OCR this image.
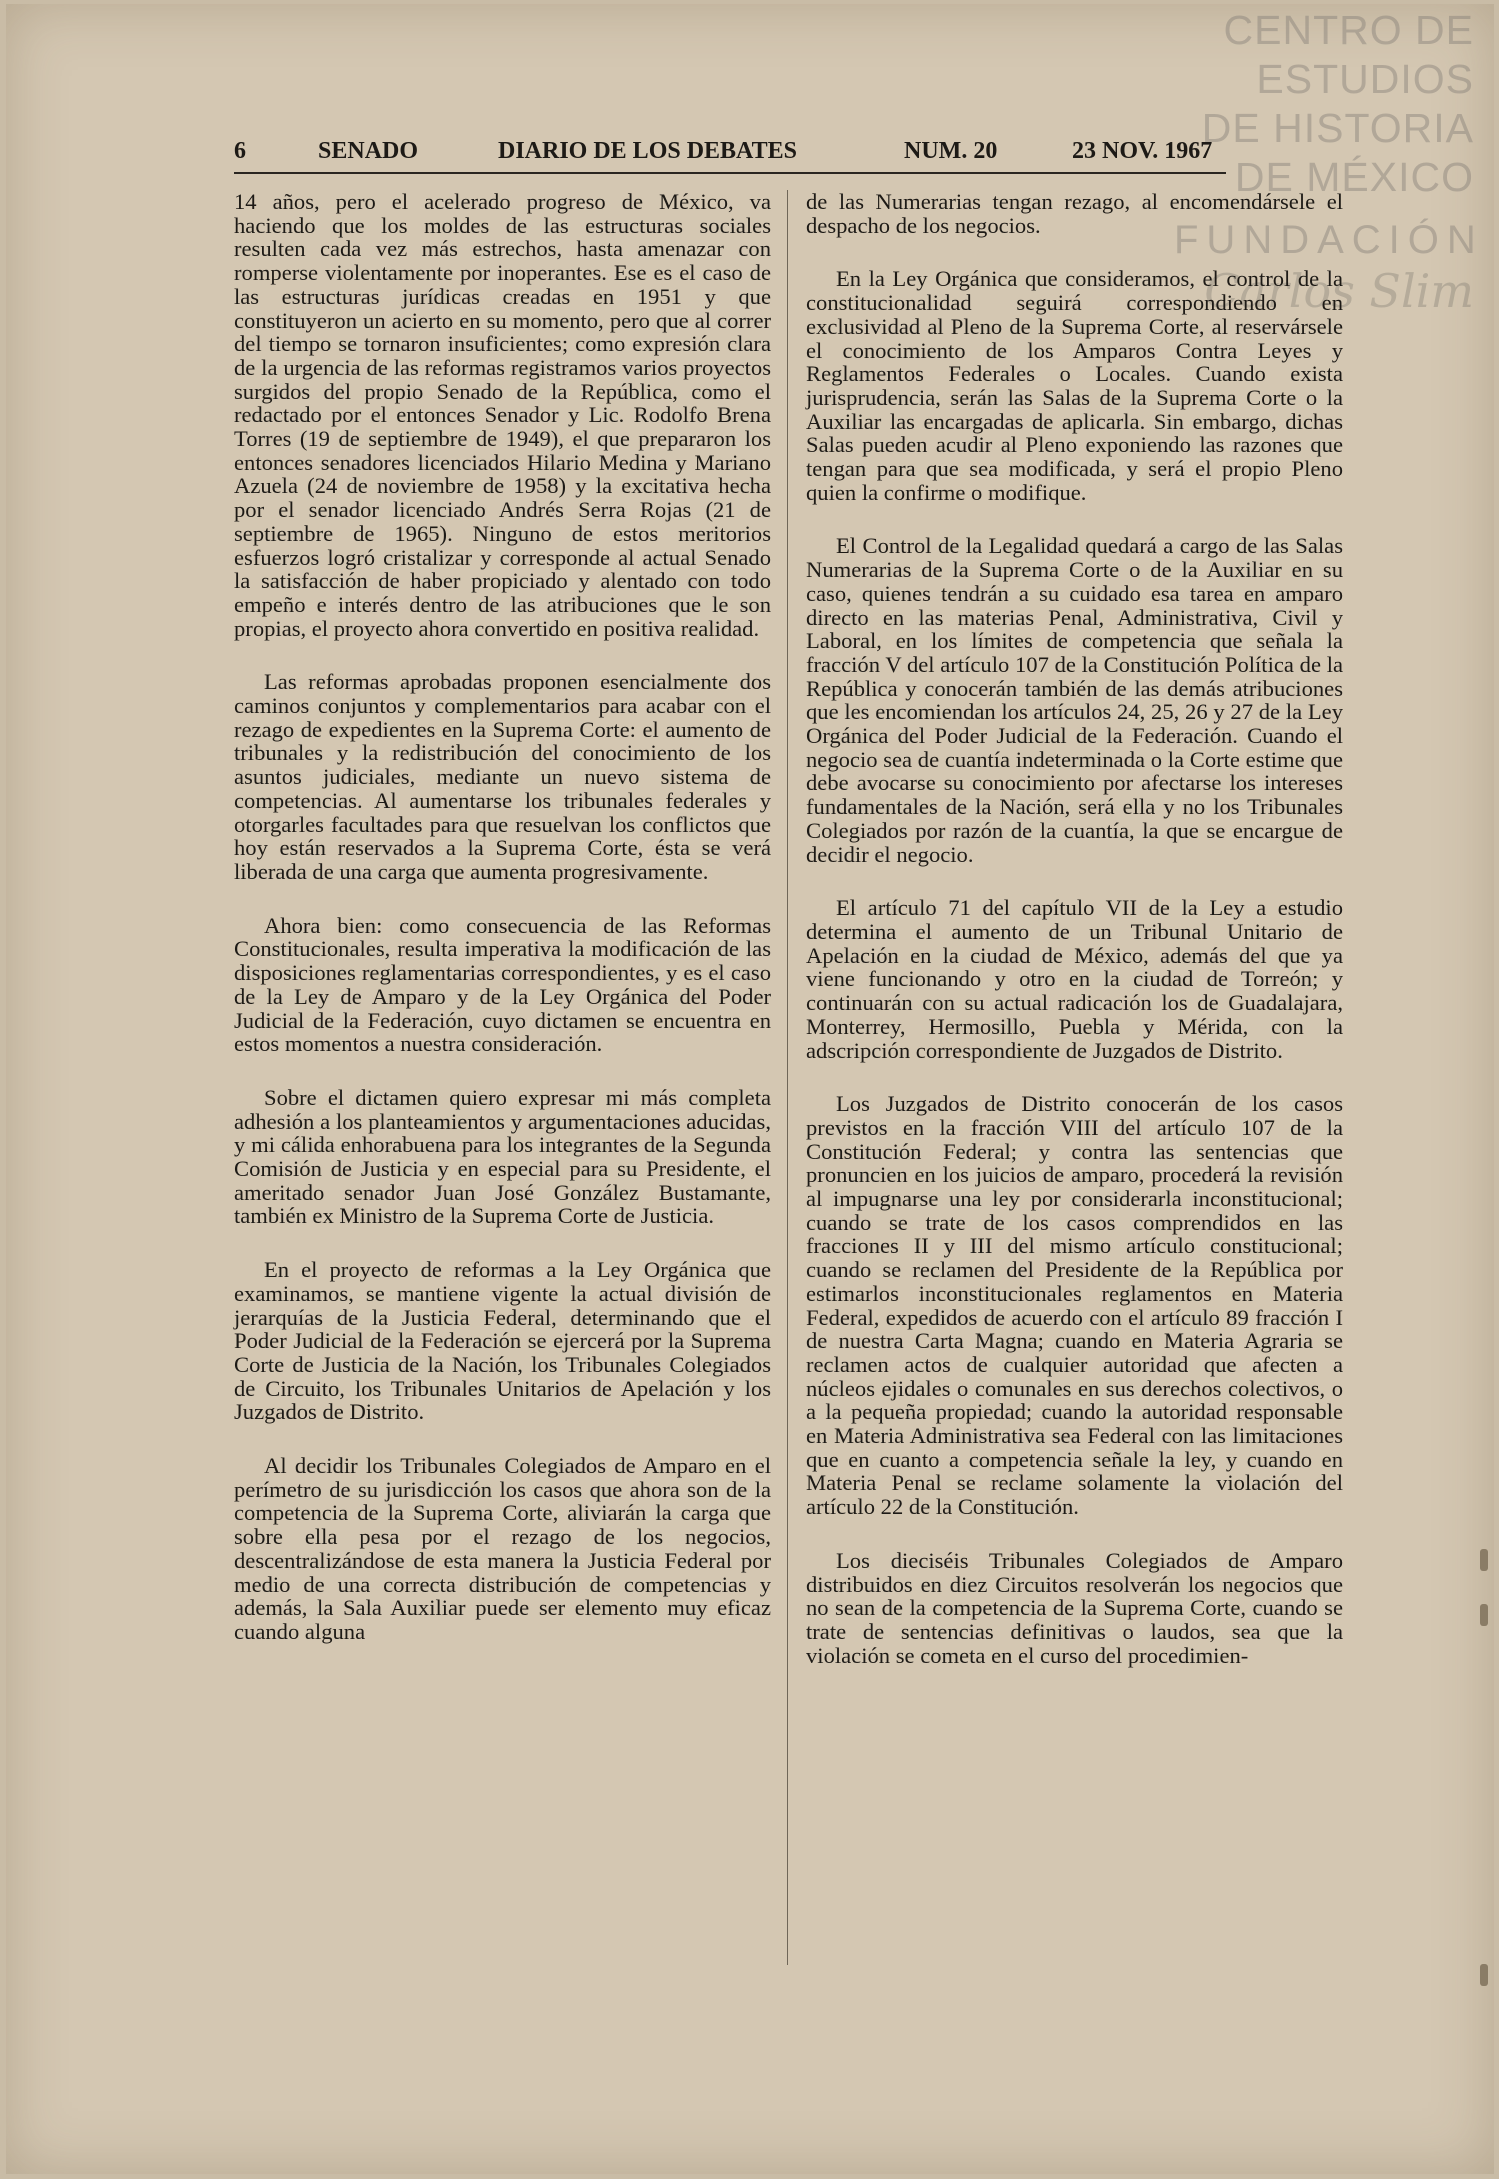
CENTRO DE
ESTUDIOS
DE HISTORIA
DE MÉXICO
FUNDACIÓN
Carlos Slim
6	SENADO	DIARIO DE LOS DEBATES	NUM. 20	23 NOV. 1967

14 años, pero el acelerado progreso de México, va haciendo que los moldes de las estructuras sociales resulten cada vez más estrechos, hasta amenazar con romperse violentamente por inoperantes. Ese es el caso de las estructuras jurídicas creadas en 1951 y que constituyeron un acierto en su momento, pero que al correr del tiempo se tornaron insuficientes; como expresión clara de la urgencia de las reformas registramos varios proyectos surgidos del propio Senado de la República, como el redactado por el entonces Senador y Lic. Rodolfo Brena Torres (19 de septiembre de 1949), el que prepararon los entonces senadores licenciados Hilario Medina y Mariano Azuela (24 de noviembre de 1958) y la excitativa hecha por el senador licenciado Andrés Serra Rojas (21 de septiembre de 1965). Ninguno de estos meritorios esfuerzos logró cristalizar y corresponde al actual Senado la satisfacción de haber propiciado y alentado con todo empeño e interés dentro de las atribuciones que le son propias, el proyecto ahora convertido en positiva realidad.

Las reformas aprobadas proponen esencialmente dos caminos conjuntos y complementarios para acabar con el rezago de expedientes en la Suprema Corte: el aumento de tribunales y la redistribución del conocimiento de los asuntos judiciales, mediante un nuevo sistema de competencias. Al aumentarse los tribunales federales y otorgarles facultades para que resuelvan los conflictos que hoy están reservados a la Suprema Corte, ésta se verá liberada de una carga que aumenta progresivamente.

Ahora bien: como consecuencia de las Reformas Constitucionales, resulta imperativa la modificación de las disposiciones reglamentarias correspondientes, y es el caso de la Ley de Amparo y de la Ley Orgánica del Poder Judicial de la Federación, cuyo dictamen se encuentra en estos momentos a nuestra consideración.

Sobre el dictamen quiero expresar mi más completa adhesión a los planteamientos y argumentaciones aducidas, y mi cálida enhorabuena para los integrantes de la Segunda Comisión de Justicia y en especial para su Presidente, el ameritado senador Juan José González Bustamante, también ex Ministro de la Suprema Corte de Justicia.

En el proyecto de reformas a la Ley Orgánica que examinamos, se mantiene vigente la actual división de jerarquías de la Justicia Federal, determinando que el Poder Judicial de la Federación se ejercerá por la Suprema Corte de Justicia de la Nación, los Tribunales Colegiados de Circuito, los Tribunales Unitarios de Apelación y los Juzgados de Distrito.

Al decidir los Tribunales Colegiados de Amparo en el perímetro de su jurisdicción los casos que ahora son de la competencia de la Suprema Corte, aliviarán la carga que sobre ella pesa por el rezago de los negocios, descentralizándose de esta manera la Justicia Federal por medio de una correcta distribución de competencias y además, la Sala Auxiliar puede ser elemento muy eficaz cuando alguna

de las Numerarias tengan rezago, al encomendársele el despacho de los negocios.

En la Ley Orgánica que consideramos, el control de la constitucionalidad seguirá correspondiendo en exclusividad al Pleno de la Suprema Corte, al reservársele el conocimiento de los Amparos Contra Leyes y Reglamentos Federales o Locales. Cuando exista jurisprudencia, serán las Salas de la Suprema Corte o la Auxiliar las encargadas de aplicarla. Sin embargo, dichas Salas pueden acudir al Pleno exponiendo las razones que tengan para que sea modificada, y será el propio Pleno quien la confirme o modifique.

El Control de la Legalidad quedará a cargo de las Salas Numerarias de la Suprema Corte o de la Auxiliar en su caso, quienes tendrán a su cuidado esa tarea en amparo directo en las materias Penal, Administrativa, Civil y Laboral, en los límites de competencia que señala la fracción V del artículo 107 de la Constitución Política de la República y conocerán también de las demás atribuciones que les encomiendan los artículos 24, 25, 26 y 27 de la Ley Orgánica del Poder Judicial de la Federación. Cuando el negocio sea de cuantía indeterminada o la Corte estime que debe avocarse su conocimiento por afectarse los intereses fundamentales de la Nación, será ella y no los Tribunales Colegiados por razón de la cuantía, la que se encargue de decidir el negocio.

El artículo 71 del capítulo VII de la Ley a estudio determina el aumento de un Tribunal Unitario de Apelación en la ciudad de México, además del que ya viene funcionando y otro en la ciudad de Torreón; y continuarán con su actual radicación los de Guadalajara, Monterrey, Hermosillo, Puebla y Mérida, con la adscripción correspondiente de Juzgados de Distrito.

Los Juzgados de Distrito conocerán de los casos previstos en la fracción VIII del artículo 107 de la Constitución Federal; y contra las sentencias que pronuncien en los juicios de amparo, procederá la revisión al impugnarse una ley por considerarla inconstitucional; cuando se trate de los casos comprendidos en las fracciones II y III del mismo artículo constitucional; cuando se reclamen del Presidente de la República por estimarlos inconstitucionales reglamentos en Materia Federal, expedidos de acuerdo con el artículo 89 fracción I de nuestra Carta Magna; cuando en Materia Agraria se reclamen actos de cualquier autoridad que afecten a núcleos ejidales o comunales en sus derechos colectivos, o a la pequeña propiedad; cuando la autoridad responsable en Materia Administrativa sea Federal con las limitaciones que en cuanto a competencia señale la ley, y cuando en Materia Penal se reclame solamente la violación del artículo 22 de la Constitución.

Los dieciséis Tribunales Colegiados de Amparo distribuidos en diez Circuitos resolverán los negocios que no sean de la competencia de la Suprema Corte, cuando se trate de sentencias definitivas o laudos, sea que la violación se cometa en el curso del procedimien-
